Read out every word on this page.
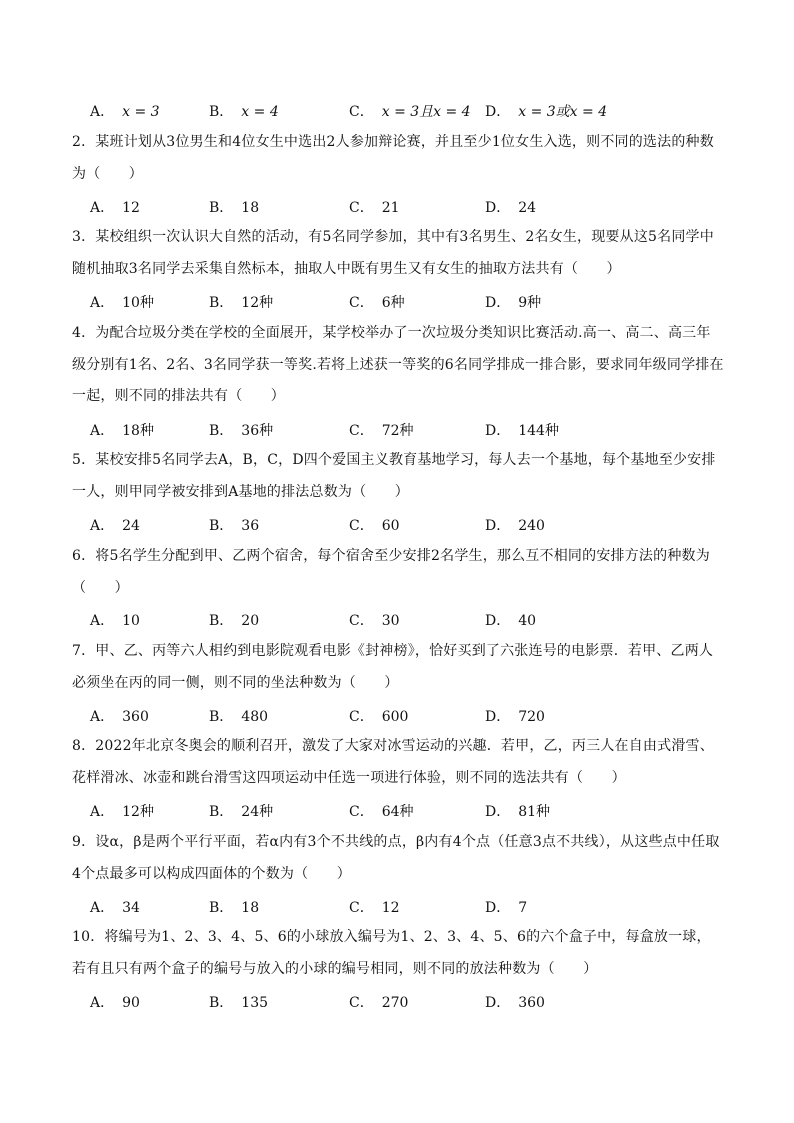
A． x = 3	B． x = 4	C． x = 3且x = 4 D． x = 3或x = 4
2．某班计划从3位男生和4位女生中选出2人参加辩论赛，并且至少1位女生入选，则不同的选法的种数为（　　）
A． 12	B． 18	C． 21	D． 24
3．某校组织一次认识大自然的活动，有5名同学参加，其中有3名男生、2名女生，现要从这5名同学中随机抽取3名同学去采集自然标本，抽取人中既有男生又有女生的抽取方法共有（　　）
A． 10种	B． 12种	C． 6种	D． 9种
4．为配合垃圾分类在学校的全面展开，某学校举办了一次垃圾分类知识比赛活动.高一、高二、高三年级分别有1名、2名、3名同学获一等奖.若将上述获一等奖的6名同学排成一排合影，要求同年级同学排在一起，则不同的排法共有（　　）
A． 18种	B． 36种	C． 72种	D． 144种
5．某校安排5名同学去A，B，C，D四个爱国主义教育基地学习，每人去一个基地，每个基地至少安排一人，则甲同学被安排到A基地的排法总数为（　　）
A． 24	B． 36	C． 60	D． 240
6．将5名学生分配到甲、乙两个宿舍，每个宿舍至少安排2名学生，那么互不相同的安排方法的种数为（　　）
A． 10	B． 20	C． 30	D． 40
7．甲、乙、丙等六人相约到电影院观看电影《封神榜》，恰好买到了六张连号的电影票．若甲、乙两人必须坐在丙的同一侧，则不同的坐法种数为（　　）
A． 360	B． 480	C． 600	D． 720
8．2022年北京冬奥会的顺利召开，激发了大家对冰雪运动的兴趣．若甲，乙，丙三人在自由式滑雪、花样滑冰、冰壶和跳台滑雪这四项运动中任选一项进行体验，则不同的选法共有（　　）
A． 12种	B． 24种	C． 64种	D． 81种
9．设α，β是两个平行平面，若α内有3个不共线的点，β内有4个点（任意3点不共线），从这些点中任取4个点最多可以构成四面体的个数为（　　）
A． 34	B． 18	C． 12	D． 7
10．将编号为1、2、3、4、5、6的小球放入编号为1、2、3、4、5、6的六个盒子中，每盒放一球，若有且只有两个盒子的编号与放入的小球的编号相同，则不同的放法种数为（　　）
A． 90	B． 135	C． 270	D． 360
